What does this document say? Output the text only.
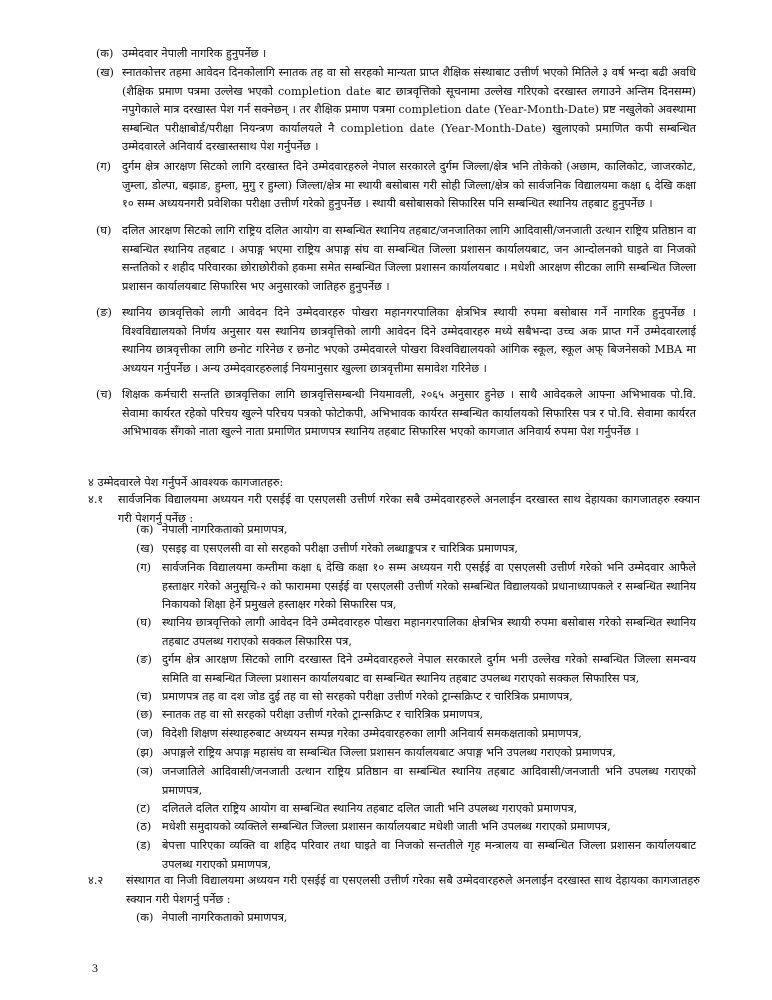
(क) उम्मेदवार नेपाली नागरिक हुनुपर्नेछ ।
(ख) स्नातकोत्तर तहमा आवेदन दिनकोलागि स्नातक तह वा सो सरहको मान्यता प्राप्त शैक्षिक संस्थाबाट उत्तीर्ण भएको मितिले ३ वर्ष भन्दा बढी अवधि (शैक्षिक प्रमाण पत्रमा उल्लेख भएको completion date बाट छात्रवृत्तिको सूचनामा उल्लेख गरिएको दरखास्त लगाउने अन्तिम दिनसम्म) नपुगेकाले मात्र दरखास्त पेश गर्न सक्नेछन् । तर शैक्षिक प्रमाण पत्रमा completion date (Year-Month-Date) प्रष्ट नखुलेको अवस्थामा सम्बन्धित परीक्षाबोर्ड/परीक्षा नियन्त्रण कार्यालयले नै completion date (Year-Month-Date) खुलाएको प्रमाणित कपी सम्बन्धित उम्मेदवारले अनिवार्य दरखास्तसाथ पेश गर्नुपर्नेछ ।
(ग) दुर्गम क्षेत्र आरक्षण सिटको लागि दरखास्त दिने उम्मेदवारहरुले नेपाल सरकारले दुर्गम जिल्ला/क्षेत्र भनि तोकेको (अछाम, कालिकोट, जाजरकोट, जुम्ला, डोल्पा, बझाङ, हुम्ला, मुगु र हुम्ला) जिल्ला/क्षेत्र मा स्थायी बसोबास गरी सोही जिल्ला/क्षेत्र को सार्वजनिक विद्यालयमा कक्षा ६ देखि कक्षा १० सम्म अध्ययनगरी प्रवेशिका परीक्षा उत्तीर्ण गरेको हुनुपर्नेछ । स्थायी बसोबासको सिफारिस पनि सम्बन्धित स्थानिय तहबाट हुनुपर्नेछ ।
(घ) दलित आरक्षण सिटको लागि राष्ट्रिय दलित आयोग वा सम्बन्धित स्थानिय तहबाट/जनजातिका लागि आदिवासी/जनजाती उत्थान राष्ट्रिय प्रतिष्ठान वा सम्बन्धित स्थानिय तहबाट । अपाङ्ग भएमा राष्ट्रिय अपाङ्ग संघ वा सम्बन्धित जिल्ला प्रशासन कार्यालयबाट, जन आन्दोलनको घाइते वा निजको सन्ततिको र शहीद परिवारका छोराछोरीको हकमा समेत सम्बन्धित जिल्ला प्रशासन कार्यालयबाट । मधेशी आरक्षण सीटका लागि सम्बन्धित जिल्ला प्रशासन कार्यालयबाट सिफारिस भए अनुसारको जातिहरु हुनुपर्नेछ ।
(ङ) स्थानिय छात्रवृत्तिको लागी आवेदन दिने उम्मेदवारहरु पोखरा महानगरपालिका क्षेत्रभित्र स्थायी रुपमा बसोबास गर्ने नागरिक हुनुपर्नेछ । विश्वविद्यालयको निर्णय अनुसार यस स्थानिय छात्रवृत्तिको लागी आवेदन दिने उम्मेदवारहरु मध्ये सबैभन्दा उच्च अक प्राप्त गर्ने उम्मेदवारलाई स्थानिय छात्रवृत्तीका लागि छनोट गरिनेछ र छनोट भएको उम्मेदवारले पोखरा विश्वविद्यालयको आंगिक स्कूल, स्कूल अफ् बिजनेसको MBA मा अध्ययन गर्नुपर्नेछ । अन्य उम्मेदवारहरुलाई नियमानुसार खुल्ला छात्रवृत्तीमा समावेश गरिनेछ ।
(च) शिक्षक कर्मचारी सन्तति छात्रवृत्तिका लागि छात्रवृत्तिसम्बन्धी नियमावली, २०६५ अनुसार हुनेछ । साथै आवेदकले आफ्ना अभिभावक पो.वि. सेवामा कार्यरत रहेको परिचय खुल्ने परिचय पत्रको फोटोकपी, अभिभावक कार्यरत सम्बन्धित कार्यालयको सिफारिस पत्र र पो.वि. सेवामा कार्यरत अभिभावक सँगको नाता खुल्ने नाता प्रमाणित प्रमाणपत्र स्थानिय तहबाट सिफारिस भएको कागजात अनिवार्य रुपमा पेश गर्नुपर्नेछ ।
४ उम्मेदवारले पेश गर्नुपर्ने आवश्यक कागजातहरु:
४.१	सार्वजनिक विद्यालयमा अध्ययन गरी एसईई वा एसएलसी उत्तीर्ण गरेका सबै उम्मेदवारहरुले अनलाईन दरखास्त साथ देहायका कागजातहरु स्क्यान गरी पेशगर्नु पर्नेछ :
(क) नेपाली नागरिकताको प्रमाणपत्र,
(ख) एसइइ वा एसएलसी वा सो सरहको परीक्षा उत्तीर्ण गरेको लब्धाङ्कपत्र र चारित्रिक प्रमाणपत्र,
(ग) सार्वजनिक विद्यालयमा कम्तीमा कक्षा ६ देखि कक्षा १० सम्म अध्ययन गरी एसईई वा एसएलसी उत्तीर्ण गरेको भनि उम्मेदवार आफैले हस्ताक्षर गरेको अनुसूचि-२ को फाराममा एसईई वा एसएलसी उत्तीर्ण गरेको सम्बन्धित विद्यालयको प्रधानाध्यापकले र सम्बन्धित स्थानिय निकायको शिक्षा हेर्ने प्रमुखले हस्ताक्षर गरेको सिफारिस पत्र,
(घ) स्थानिय छात्रवृत्तिको लागी आवेदन दिने उम्मेदवारहरु पोखरा महानगरपालिका क्षेत्रभित्र स्थायी रुपमा बसोबास गरेको सम्बन्धित स्थानिय तहबाट उपलब्ध गराएको सक्कल सिफारिस पत्र,
(ङ) दुर्गम क्षेत्र आरक्षण सिटको लागि दरखास्त दिने उम्मेदवारहरुले नेपाल सरकारले दुर्गम भनी उल्लेख गरेको सम्बन्धित जिल्ला समन्वय समिति वा सम्बन्धित जिल्ला प्रशासन कार्यालयबाट वा सम्बन्धित स्थानिय तहबाट उपलब्ध गराएको सक्कल सिफारिस पत्र,
(च) प्रमाणपत्र तह वा दश जोड दुई तह वा सो सरहको परीक्षा उत्तीर्ण गरेको ट्रान्सक्रिप्ट र चारित्रिक प्रमाणपत्र,
(छ) स्नातक तह वा सो सरहको परीक्षा उत्तीर्ण गरेको ट्रान्सक्रिप्ट र चारित्रिक प्रमाणपत्र,
(ज) विदेशी शिक्षण संस्थाहरुबाट अध्ययन सम्पन्न गरेका उम्मेदवारहरुका लागी अनिवार्य समकक्षताको प्रमाणपत्र,
(झ) अपाङ्गले राष्ट्रिय अपाङ्ग महासंघ वा सम्बन्धित जिल्ला प्रशासन कार्यालयबाट अपाङ्ग भनि उपलब्ध गराएको प्रमाणपत्र,
(ञ) जनजातिले आदिवासी/जनजाती उत्थान राष्ट्रिय प्रतिष्ठान वा सम्बन्धित स्थानिय तहबाट आदिवासी/जनजाती भनि उपलब्ध गराएको प्रमाणपत्र,
(ट)	दलितले दलित राष्ट्रिय आयोग वा सम्बन्धित स्थानिय तहबाट दलित जाती भनि उपलब्ध गराएको प्रमाणपत्र,
(ठ) मधेशी समुदायको व्यक्तिले सम्बन्धित जिल्ला प्रशासन कार्यालयबाट मधेशी जाती भनि उपलब्ध गराएको प्रमाणपत्र,
(ड)	बेपत्ता पारिएका व्यक्ति वा शहिद परिवार तथा घाइते वा निजको सन्ततीले गृह मन्त्रालय वा सम्बन्धित जिल्ला प्रशासन कार्यालयबाट उपलब्ध गराएको प्रमाणपत्र,
४.२	संस्थागत वा निजी विद्यालयमा अध्ययन गरी एसईई वा एसएलसी उत्तीर्ण गरेका सबै उम्मेदवारहरुले अनलाईन दरखास्त साथ देहायका कागजातहरु स्क्यान गरी पेशगर्नु पर्नेछ :
(क) नेपाली नागरिकताको प्रमाणपत्र,
3
